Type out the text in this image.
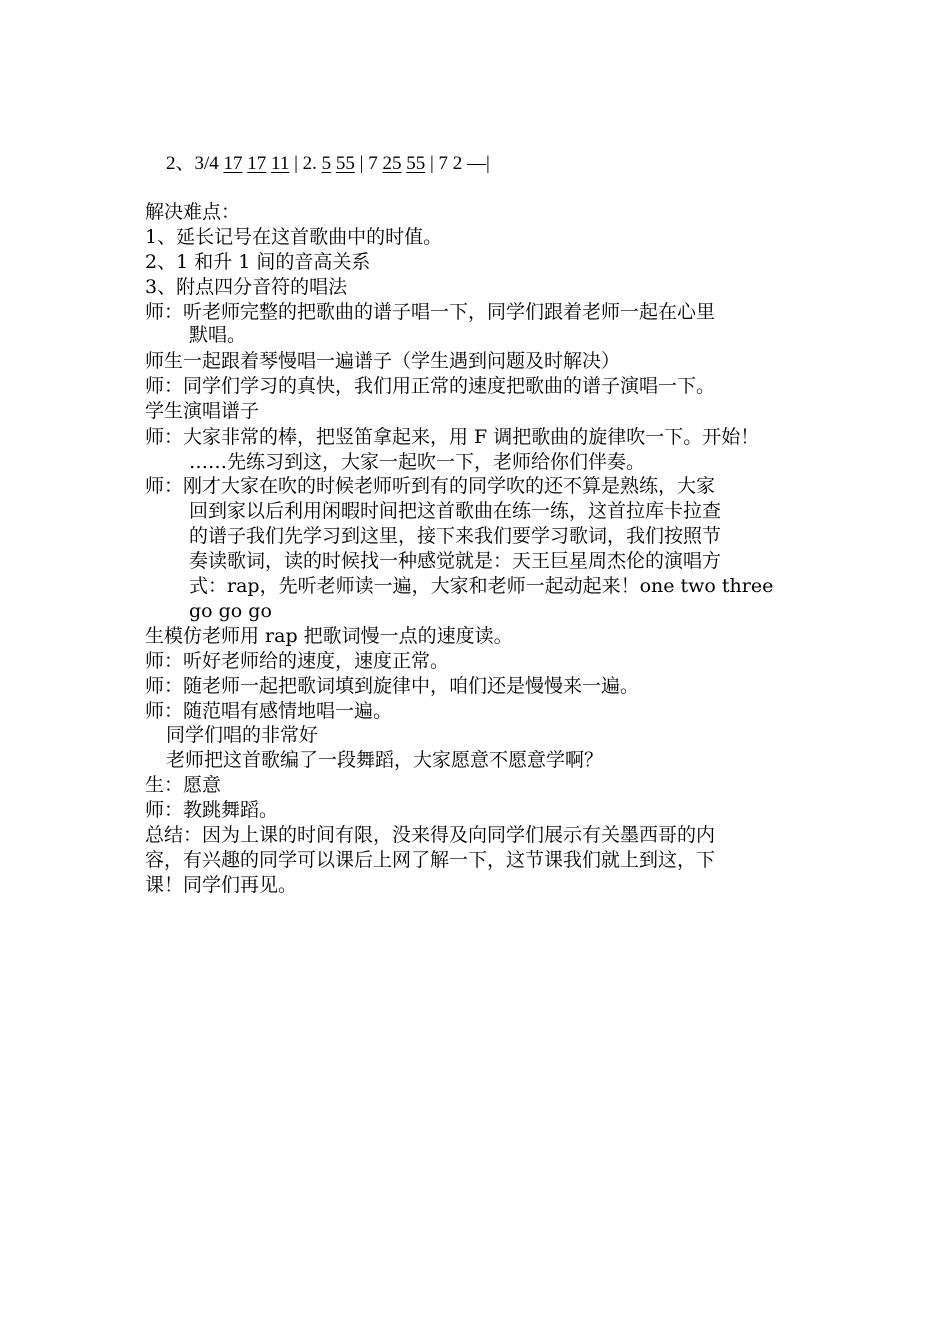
2、3/4 17 17 11 | 2. 5 55 | 7 25 55 | 7 2 —|
解决难点：
1、延长记号在这首歌曲中的时值。
2、1 和升 1 间的音高关系
3、附点四分音符的唱法
师：听老师完整的把歌曲的谱子唱一下，同学们跟着老师一起在心里
默唱。
师生一起跟着琴慢唱一遍谱子（学生遇到问题及时解决）
师：同学们学习的真快，我们用正常的速度把歌曲的谱子演唱一下。
学生演唱谱子
师：大家非常的棒，把竖笛拿起来，用 F 调把歌曲的旋律吹一下。开始！
……先练习到这，大家一起吹一下，老师给你们伴奏。
师：刚才大家在吹的时候老师听到有的同学吹的还不算是熟练，大家
回到家以后利用闲暇时间把这首歌曲在练一练，这首拉库卡拉查
的谱子我们先学习到这里，接下来我们要学习歌词，我们按照节
奏读歌词，读的时候找一种感觉就是：天王巨星周杰伦的演唱方
式：rap，先听老师读一遍，大家和老师一起动起来！one two three
go go go
生模仿老师用 rap 把歌词慢一点的速度读。
师：听好老师给的速度，速度正常。
师：随老师一起把歌词填到旋律中，咱们还是慢慢来一遍。
师：随范唱有感情地唱一遍。
同学们唱的非常好
老师把这首歌编了一段舞蹈，大家愿意不愿意学啊？
生：愿意
师：教跳舞蹈。
总结：因为上课的时间有限，没来得及向同学们展示有关墨西哥的内
容，有兴趣的同学可以课后上网了解一下，这节课我们就上到这，下
课！同学们再见。
